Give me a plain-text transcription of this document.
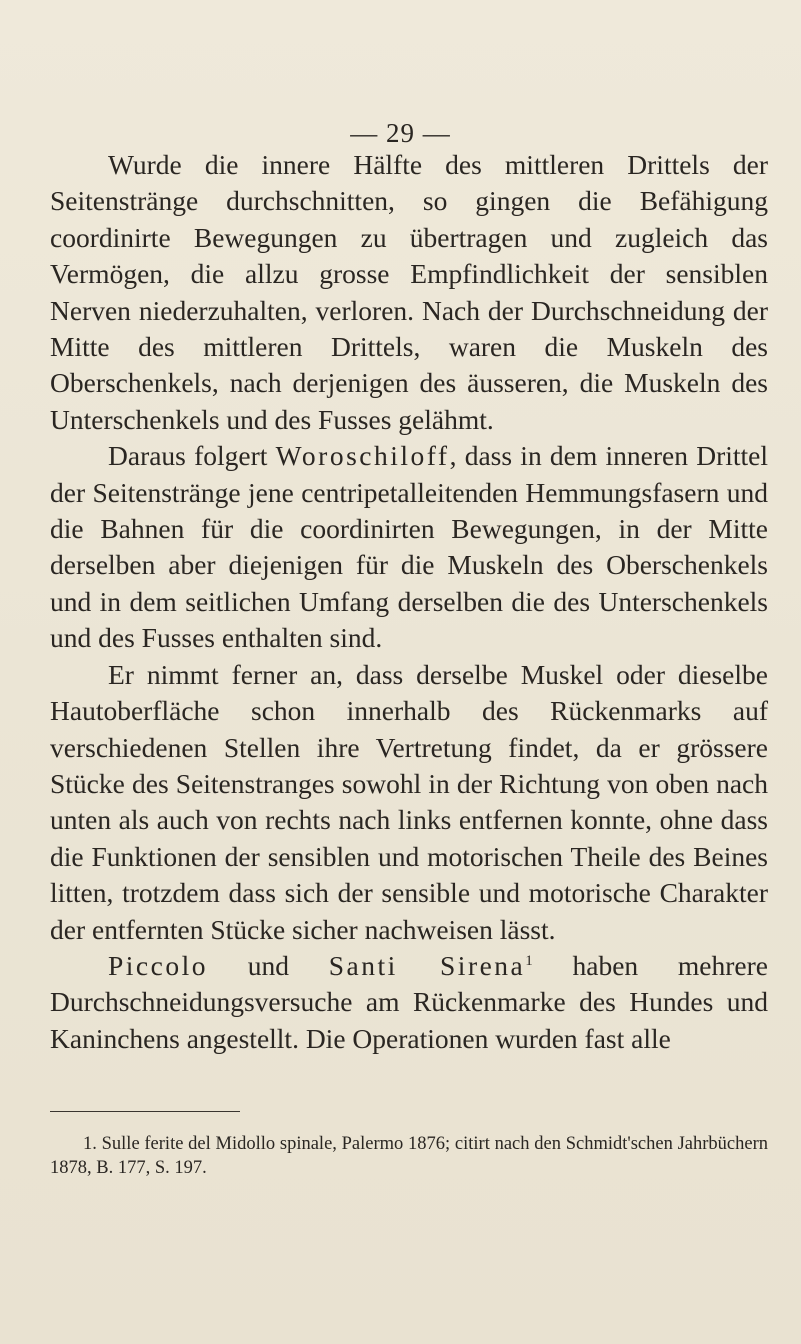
— 29 —

Wurde die innere Hälfte des mittleren Drittels der Seitenstränge durchschnitten, so gingen die Befähigung coordinirte Bewegungen zu übertragen und zugleich das Vermögen, die allzu grosse Empfindlichkeit der sensiblen Nerven niederzuhalten, verloren. Nach der Durchschneidung der Mitte des mittleren Drittels, waren die Muskeln des Oberschenkels, nach derjenigen des äusseren, die Muskeln des Unterschenkels und des Fusses gelähmt.

Daraus folgert Woroschiloff, dass in dem inneren Drittel der Seitenstränge jene centripetalleitenden Hemmungsfasern und die Bahnen für die coordinirten Bewegungen, in der Mitte derselben aber diejenigen für die Muskeln des Oberschenkels und in dem seitlichen Umfang derselben die des Unterschenkels und des Fusses enthalten sind.

Er nimmt ferner an, dass derselbe Muskel oder dieselbe Hautoberfläche schon innerhalb des Rückenmarks auf verschiedenen Stellen ihre Vertretung findet, da er grössere Stücke des Seitenstranges sowohl in der Richtung von oben nach unten als auch von rechts nach links entfernen konnte, ohne dass die Funktionen der sensiblen und motorischen Theile des Beines litten, trotzdem dass sich der sensible und motorische Charakter der entfernten Stücke sicher nachweisen lässt.

Piccolo und Santi Sirena$^1$ haben mehrere Durchschneidungsversuche am Rückenmarke des Hundes und Kaninchens angestellt. Die Operationen wurden fast alle

1. Sulle ferite del Midollo spinale, Palermo 1876; citirt nach den Schmidt'schen Jahrbüchern 1878, B. 177, S. 197.
